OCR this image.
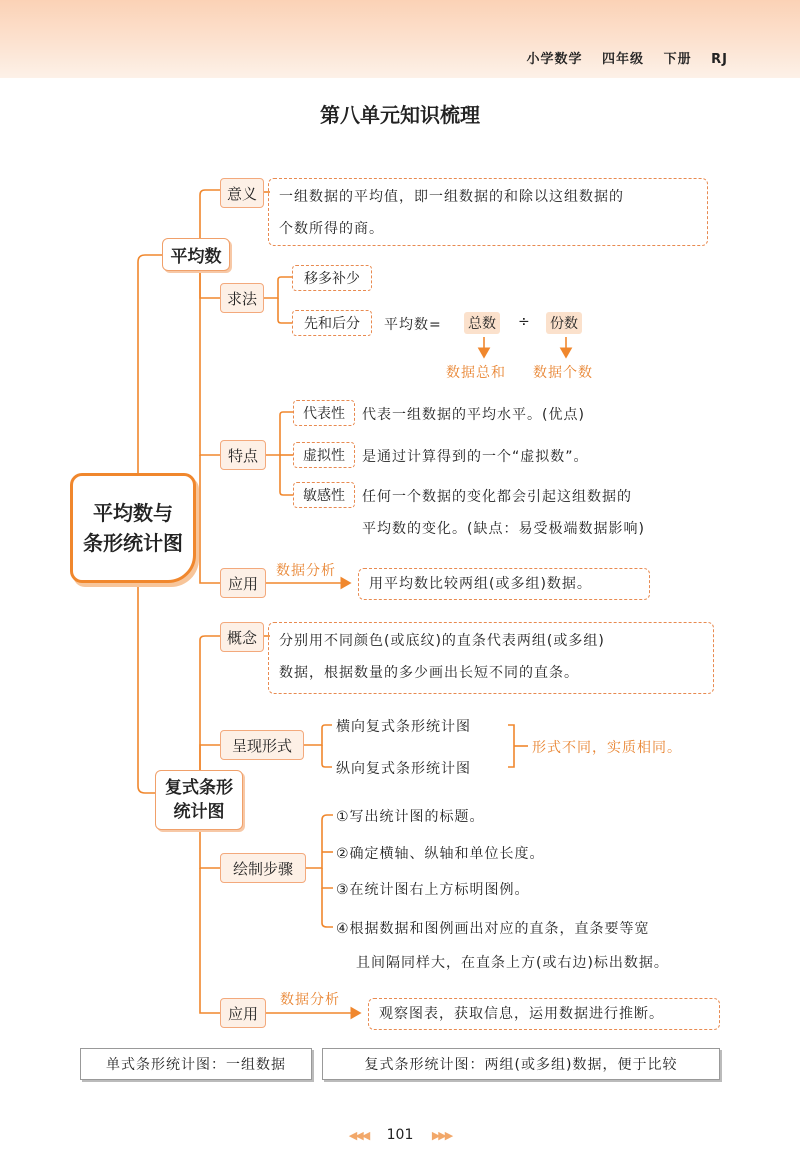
小学数学 四年级 下册 RJ
第八单元知识梳理
平均数与
条形统计图
平均数
意义	一组数据的平均值，即一组数据的和除以这组数据的
个数所得的商。
求法
移多补少
先和后分	平均数= 总数 ÷ 份数
数据总和 数据个数
特点
代表性	代表一组数据的平均水平。(优点)
虚拟性	是通过计算得到的一个“虚拟数”。
敏感性	任何一个数据的变化都会引起这组数据的
平均数的变化。(缺点：易受极端数据影响)
应用
数据分析
用平均数比较两组(或多组)数据。
复式条形
统计图
概念	分别用不同颜色(或底纹)的直条代表两组(或多组)
数据，根据数量的多少画出长短不同的直条。
呈现形式
横向复式条形统计图
纵向复式条形统计图
形式不同，实质相同。
绘制步骤
①写出统计图的标题。
②确定横轴、纵轴和单位长度。
③在统计图右上方标明图例。
④根据数据和图例画出对应的直条，直条要等宽
且间隔同样大，在直条上方(或右边)标出数据。
应用
数据分析
观察图表，获取信息，运用数据进行推断。
单式条形统计图：一组数据	复式条形统计图：两组(或多组)数据，便于比较
◀◀◀ 101 ▶▶▶
